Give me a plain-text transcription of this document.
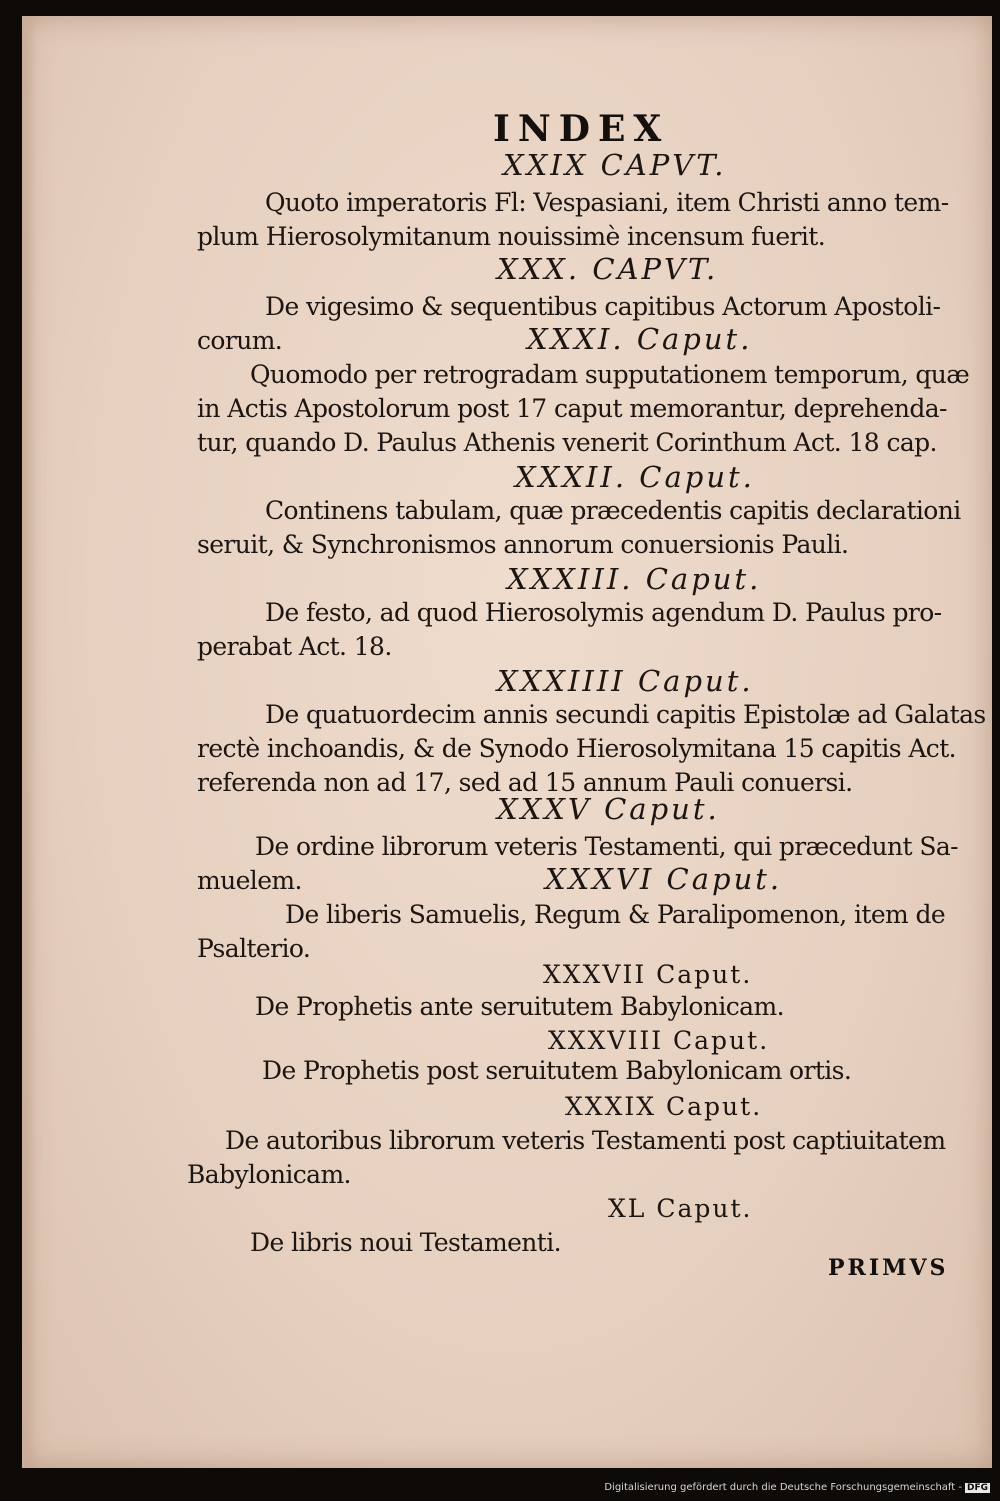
INDEX
XXIX CAPVT.
Quoto imperatoris Fl: Vespasiani, item Christi anno tem-
plum Hierosolymitanum nouissimè incensum fuerit.
XXX. CAPVT.
De vigesimo & sequentibus capitibus Actorum Apostoli-
corum.	XXXI. Caput.
Quomodo per retrogradam supputationem temporum, quæ
in Actis Apostolorum post 17 caput memorantur, deprehenda-
tur, quando D. Paulus Athenis venerit Corinthum Act. 18 cap.
XXXII. Caput.
Continens tabulam, quæ præcedentis capitis declarationi
seruit, & Synchronismos annorum conuersionis Pauli.
XXXIII. Caput.
De festo, ad quod Hierosolymis agendum D. Paulus pro-
perabat Act. 18.
XXXIIII Caput.
De quatuordecim annis secundi capitis Epistolæ ad Galatas
rectè inchoandis, & de Synodo Hierosolymitana 15 capitis Act.
referenda non ad 17, sed ad 15 annum Pauli conuersi.
XXXV Caput.
De ordine librorum veteris Testamenti, qui præcedunt Sa-
muelem.	XXXVI Caput.
De liberis Samuelis, Regum & Paralipomenon, item de
Psalterio.
XXXVII Caput.
De Prophetis ante seruitutem Babylonicam.
XXXVIII Caput.
De Prophetis post seruitutem Babylonicam ortis.
XXXIX Caput.
De autoribus librorum veteris Testamenti post captiuitatem
Babylonicam.
XL Caput.
De libris noui Testamenti.
PRIMVS
Digitalisierung gefördert durch die Deutsche Forschungsgemeinschaft - DFG
